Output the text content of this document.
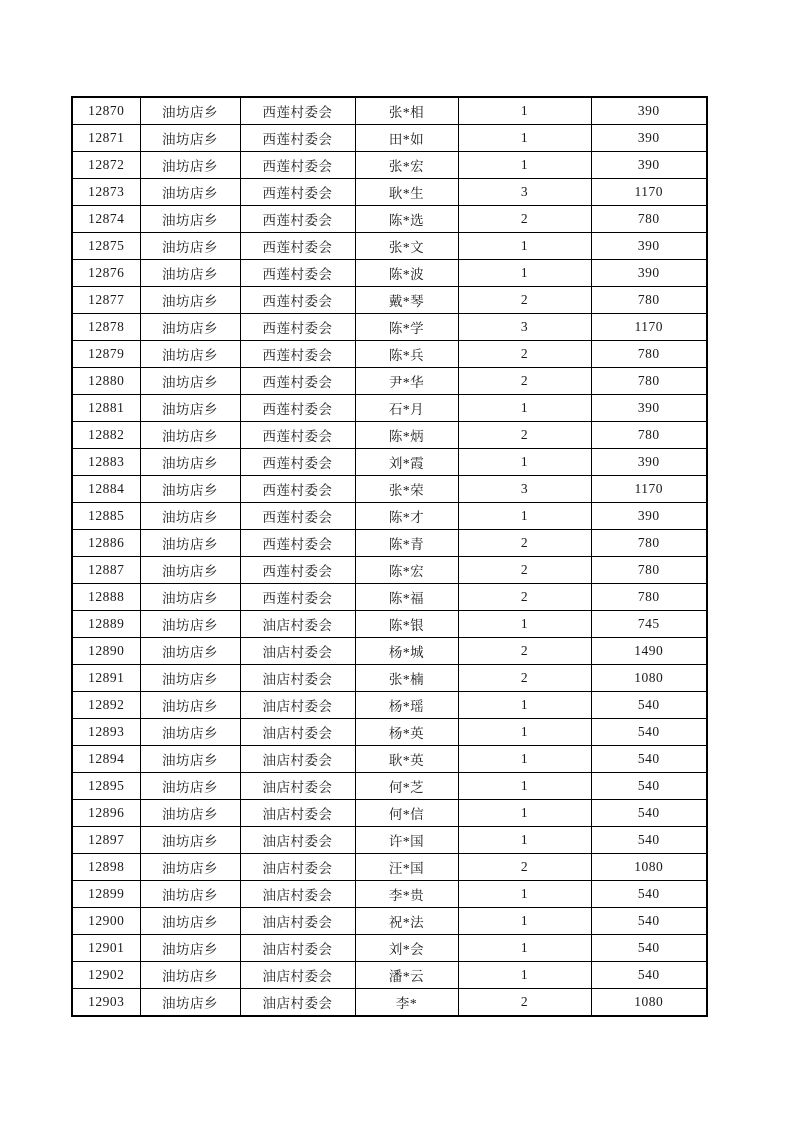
12870	油坊店乡	西莲村委会	张*相	1	390
12871	油坊店乡	西莲村委会	田*如	1	390
12872	油坊店乡	西莲村委会	张*宏	1	390
12873	油坊店乡	西莲村委会	耿*生	3	1170
12874	油坊店乡	西莲村委会	陈*选	2	780
12875	油坊店乡	西莲村委会	张*文	1	390
12876	油坊店乡	西莲村委会	陈*波	1	390
12877	油坊店乡	西莲村委会	戴*琴	2	780
12878	油坊店乡	西莲村委会	陈*学	3	1170
12879	油坊店乡	西莲村委会	陈*兵	2	780
12880	油坊店乡	西莲村委会	尹*华	2	780
12881	油坊店乡	西莲村委会	石*月	1	390
12882	油坊店乡	西莲村委会	陈*炳	2	780
12883	油坊店乡	西莲村委会	刘*霞	1	390
12884	油坊店乡	西莲村委会	张*荣	3	1170
12885	油坊店乡	西莲村委会	陈*才	1	390
12886	油坊店乡	西莲村委会	陈*青	2	780
12887	油坊店乡	西莲村委会	陈*宏	2	780
12888	油坊店乡	西莲村委会	陈*福	2	780
12889	油坊店乡	油店村委会	陈*银	1	745
12890	油坊店乡	油店村委会	杨*城	2	1490
12891	油坊店乡	油店村委会	张*楠	2	1080
12892	油坊店乡	油店村委会	杨*瑶	1	540
12893	油坊店乡	油店村委会	杨*英	1	540
12894	油坊店乡	油店村委会	耿*英	1	540
12895	油坊店乡	油店村委会	何*芝	1	540
12896	油坊店乡	油店村委会	何*信	1	540
12897	油坊店乡	油店村委会	许*国	1	540
12898	油坊店乡	油店村委会	汪*国	2	1080
12899	油坊店乡	油店村委会	李*贵	1	540
12900	油坊店乡	油店村委会	祝*法	1	540
12901	油坊店乡	油店村委会	刘*会	1	540
12902	油坊店乡	油店村委会	潘*云	1	540
12903	油坊店乡	油店村委会	李*	2	1080
